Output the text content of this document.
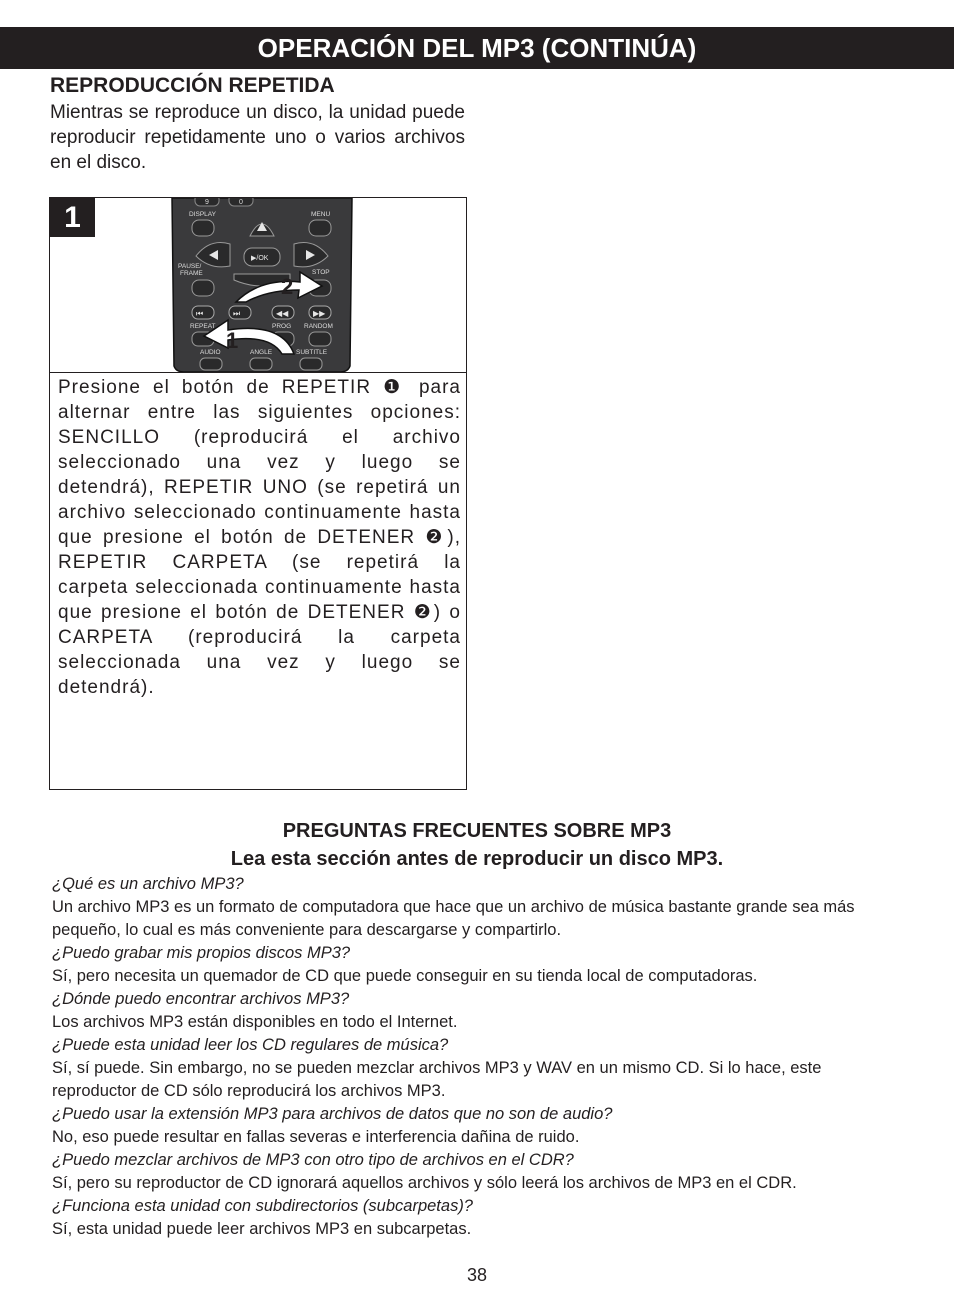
OPERACIÓN DEL MP3 (CONTINÚA)
REPRODUCCIÓN REPETIDA
Mientras se reproduce un disco, la unidad puede reproducir repetidamente uno o varios archivos en el disco.
1	9	0
DISPLAY	MENU
▶/OK
PAUSE/
FRAME	STOP
⏮	⏭	◀◀	▶▶
REPEAT	PROG RANDOM
AUDIO	ANGLE	SUBTITLE
2
1
Presione el botón de REPETIR ❶ para alternar entre las siguientes opciones: SENCILLO (reproducirá el archivo seleccionado una vez y luego se detendrá), REPETIR UNO (se repetirá un archivo seleccionado continuamente hasta que presione el botón de DETENER ❷), REPETIR CARPETA (se repetirá la carpeta seleccionada continuamente hasta que presione el botón de DETENER ❷) o CARPETA (reproducirá la carpeta seleccionada una vez y luego se detendrá).
PREGUNTAS FRECUENTES SOBRE MP3
Lea esta sección antes de reproducir un disco MP3.
¿Qué es un archivo MP3?
Un archivo MP3 es un formato de computadora que hace que un archivo de música bastante grande sea más pequeño, lo cual es más conveniente para descargarse y compartirlo.
¿Puedo grabar mis propios discos MP3?
Sí, pero necesita un quemador de CD que puede conseguir en su tienda local de computadoras.
¿Dónde puedo encontrar archivos MP3?
Los archivos MP3 están disponibles en todo el Internet.
¿Puede esta unidad leer los CD regulares de música?
Sí, sí puede. Sin embargo, no se pueden mezclar archivos MP3 y WAV en un mismo CD. Si lo hace, este reproductor de CD sólo reproducirá los archivos MP3.
¿Puedo usar la extensión MP3 para archivos de datos que no son de audio?
No, eso puede resultar en fallas severas e interferencia dañina de ruido.
¿Puedo mezclar archivos de MP3 con otro tipo de archivos en el CDR?
Sí, pero su reproductor de CD ignorará aquellos archivos y sólo leerá los archivos de MP3 en el CDR.
¿Funciona esta unidad con subdirectorios (subcarpetas)?
Sí, esta unidad puede leer archivos MP3 en subcarpetas.
38
